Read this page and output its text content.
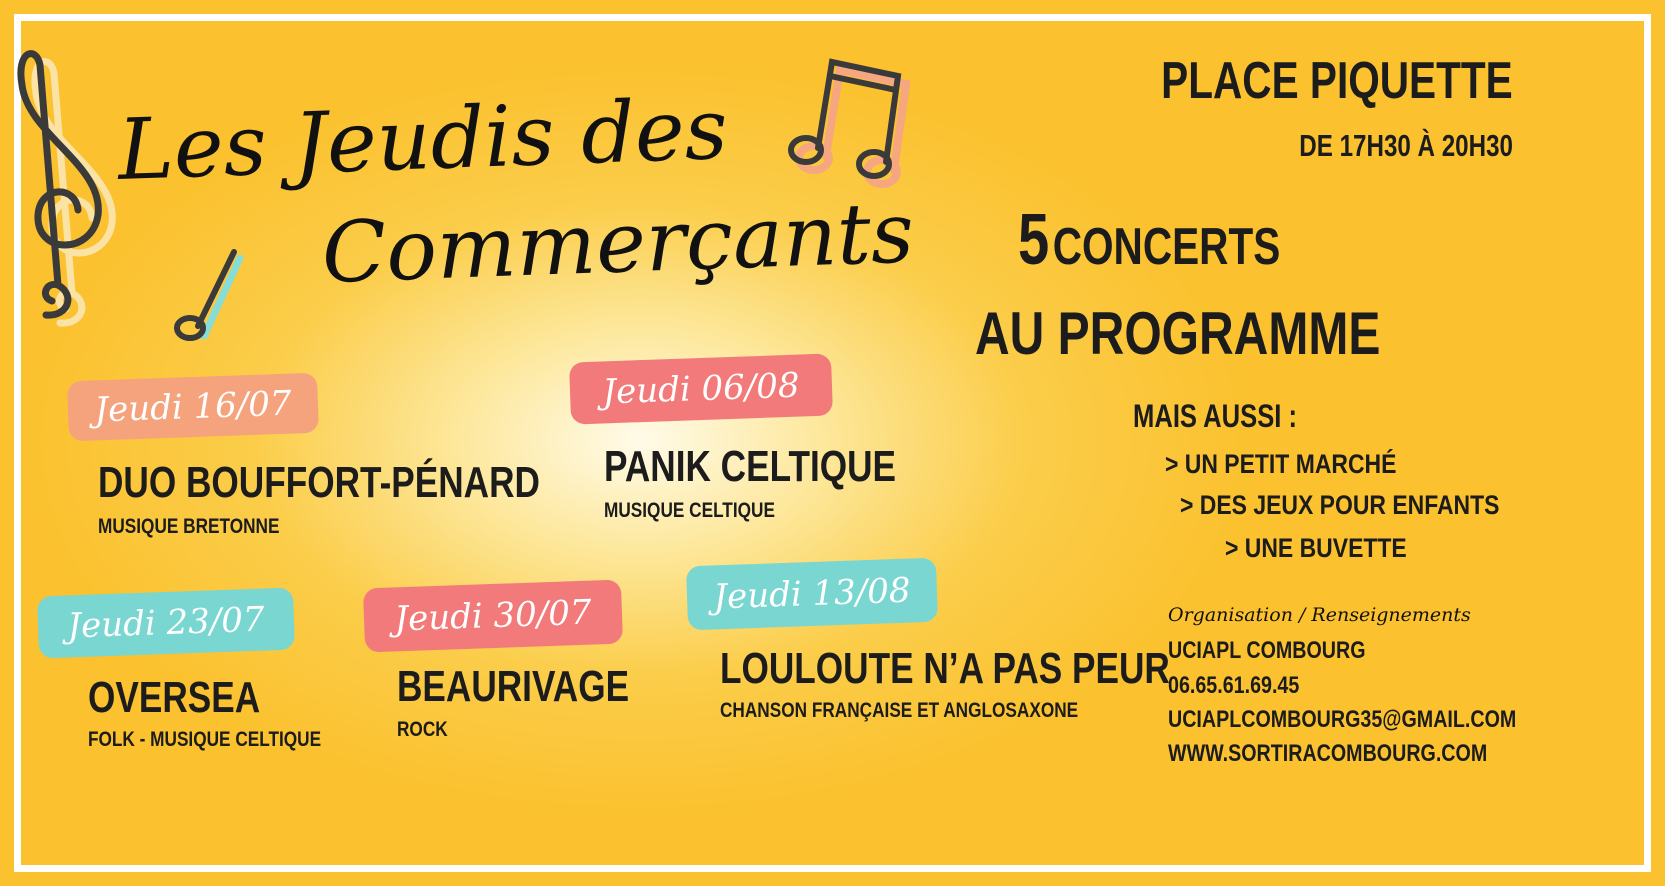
Les Jeudis des
Commerçants
PLACE PIQUETTE
DE 17H30 À 20H30
5 CONCERTS
AU PROGRAMME
MAIS AUSSI :
> UN PETIT MARCHÉ
> DES JEUX POUR ENFANTS
> UNE BUVETTE
Organisation / Renseignements
UCIAPL COMBOURG
06.65.61.69.45
UCIAPLCOMBOURG35@GMAIL.COM
WWW.SORTIRACOMBOURG.COM
Jeudi 16/07
DUO BOUFFORT-PÉNARD
MUSIQUE BRETONNE
Jeudi 06/08
PANIK CELTIQUE
MUSIQUE CELTIQUE
Jeudi 23/07
OVERSEA
FOLK - MUSIQUE CELTIQUE
Jeudi 30/07
BEAURIVAGE
ROCK
Jeudi 13/08
LOULOUTE N’A PAS PEUR
CHANSON FRANÇAISE ET ANGLOSAXONE
